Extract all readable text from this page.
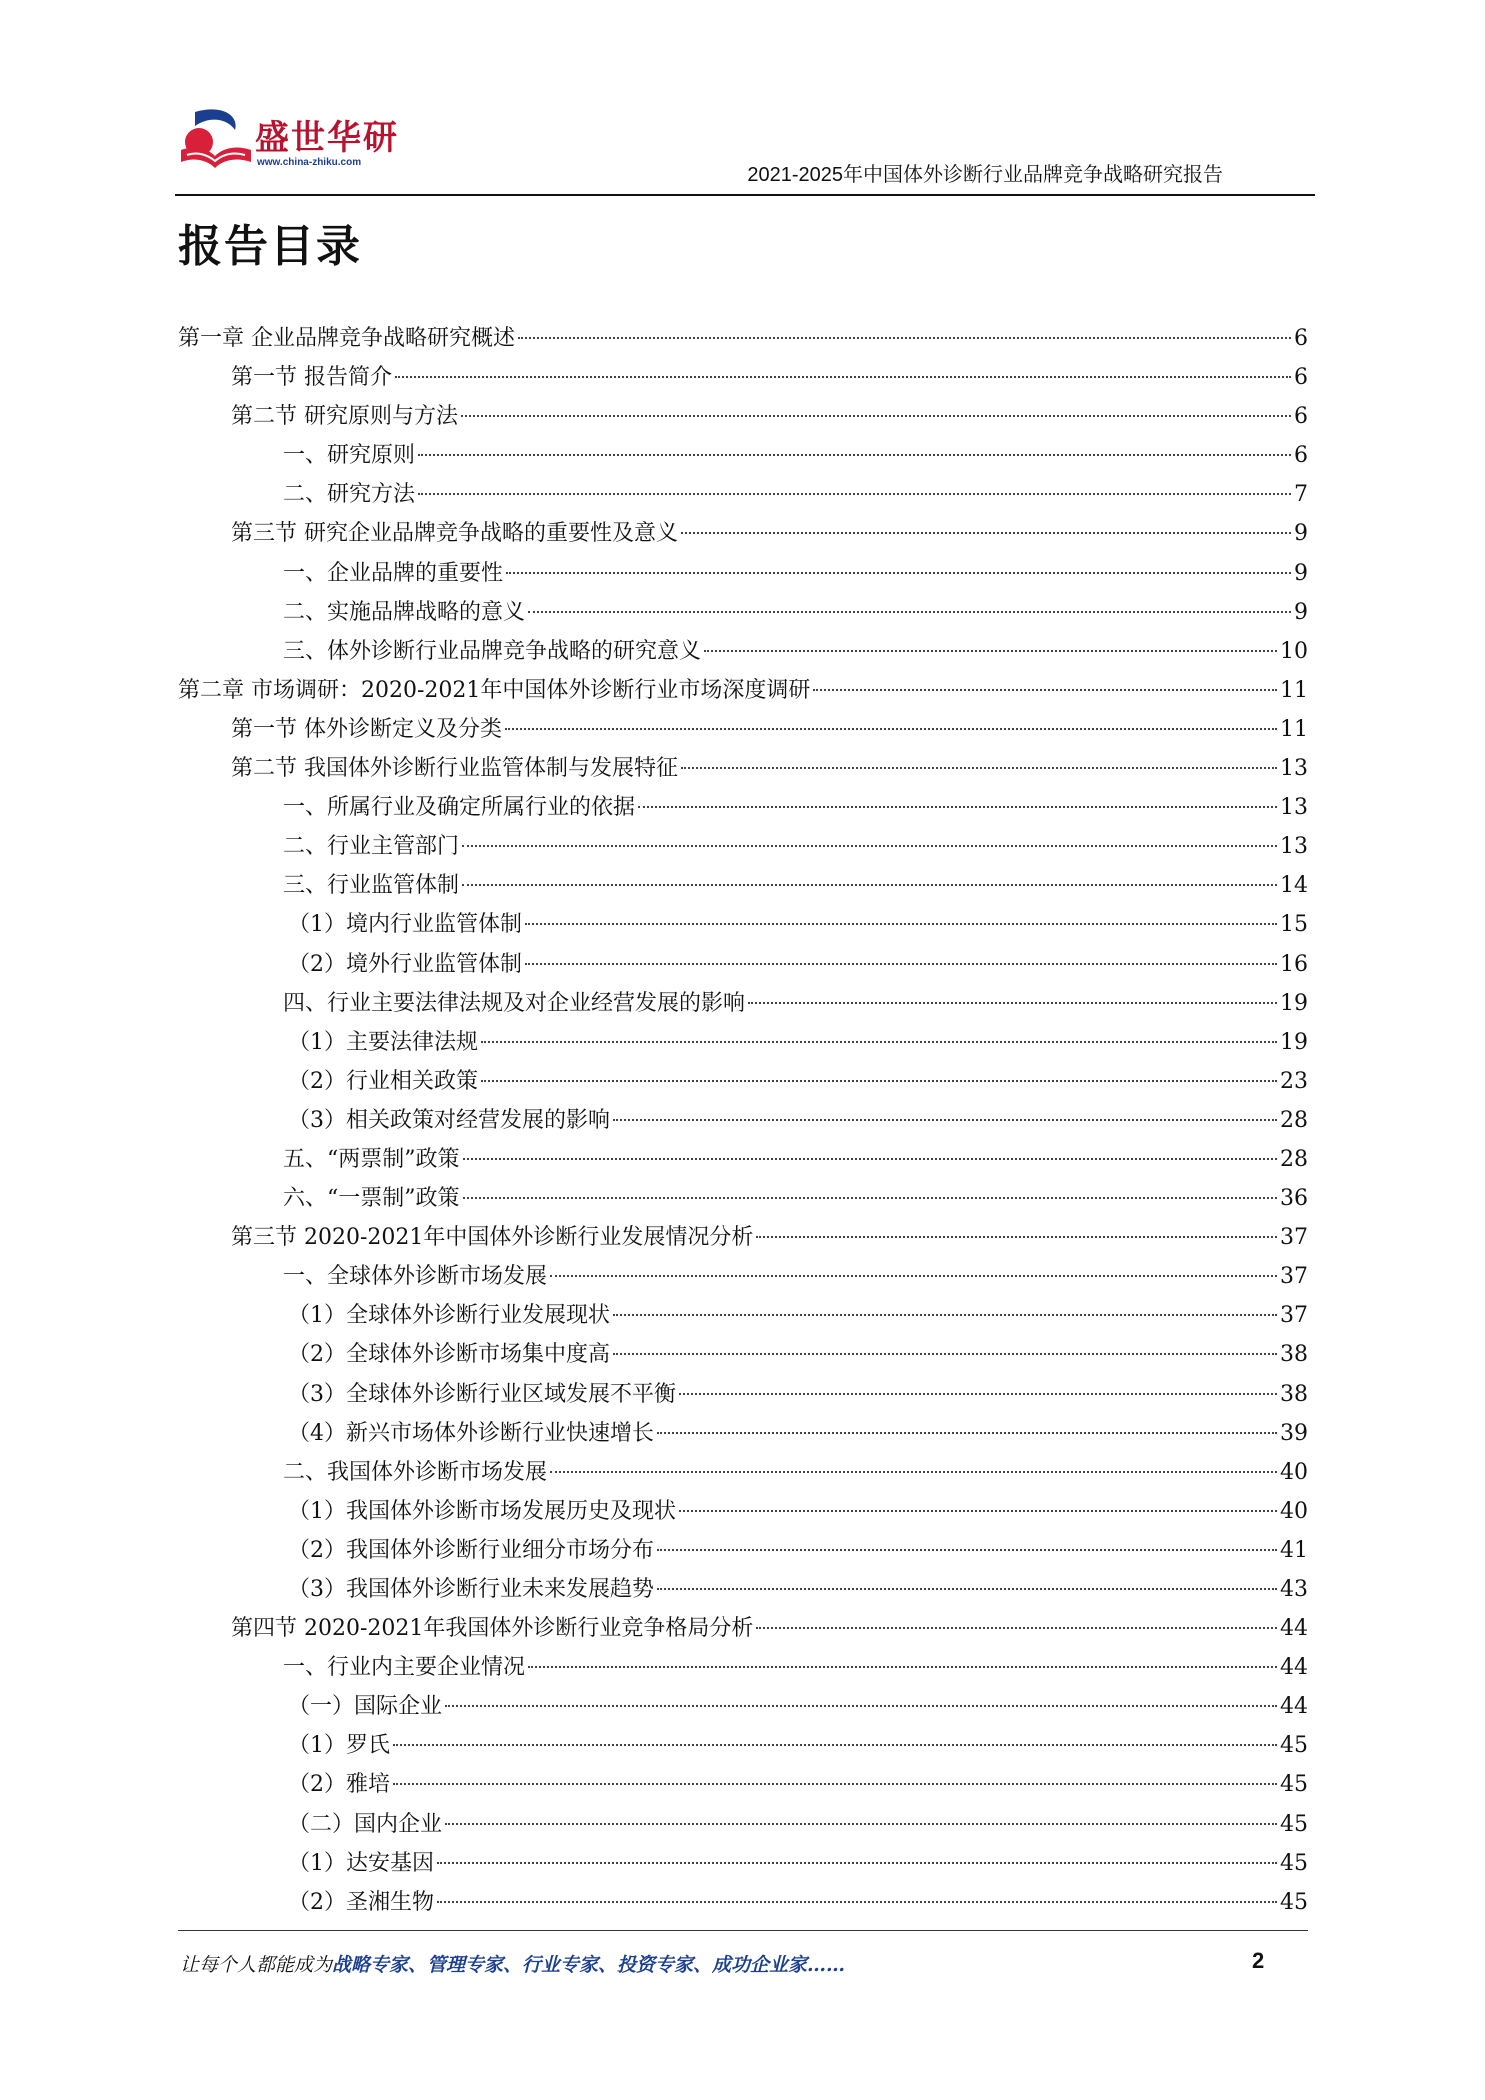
盛世华研
www.china-zhiku.com
2021-2025年中国体外诊断行业品牌竞争战略研究报告
报告目录
第一章 企业品牌竞争战略研究概述	6
第一节 报告简介	6
第二节 研究原则与方法	6
一、研究原则	6
二、研究方法	7
第三节 研究企业品牌竞争战略的重要性及意义	9
一、企业品牌的重要性	9
二、实施品牌战略的意义	9
三、体外诊断行业品牌竞争战略的研究意义	10
第二章 市场调研：2020-2021年中国体外诊断行业市场深度调研	11
第一节 体外诊断定义及分类	11
第二节 我国体外诊断行业监管体制与发展特征	13
一、所属行业及确定所属行业的依据	13
二、行业主管部门	13
三、行业监管体制	14
（1）境内行业监管体制	15
（2）境外行业监管体制	16
四、行业主要法律法规及对企业经营发展的影响	19
（1）主要法律法规	19
（2）行业相关政策	23
（3）相关政策对经营发展的影响	28
五、“两票制”政策	28
六、“一票制”政策	36
第三节 2020-2021年中国体外诊断行业发展情况分析	37
一、全球体外诊断市场发展	37
（1）全球体外诊断行业发展现状	37
（2）全球体外诊断市场集中度高	38
（3）全球体外诊断行业区域发展不平衡	38
（4）新兴市场体外诊断行业快速增长	39
二、我国体外诊断市场发展	40
（1）我国体外诊断市场发展历史及现状	40
（2）我国体外诊断行业细分市场分布	41
（3）我国体外诊断行业未来发展趋势	43
第四节 2020-2021年我国体外诊断行业竞争格局分析	44
一、行业内主要企业情况	44
（一）国际企业	44
（1）罗氏	45
（2）雅培	45
（二）国内企业	45
（1）达安基因	45
（2）圣湘生物	45
让每个人都能成为战略专家、管理专家、行业专家、投资专家、成功企业家……	2
